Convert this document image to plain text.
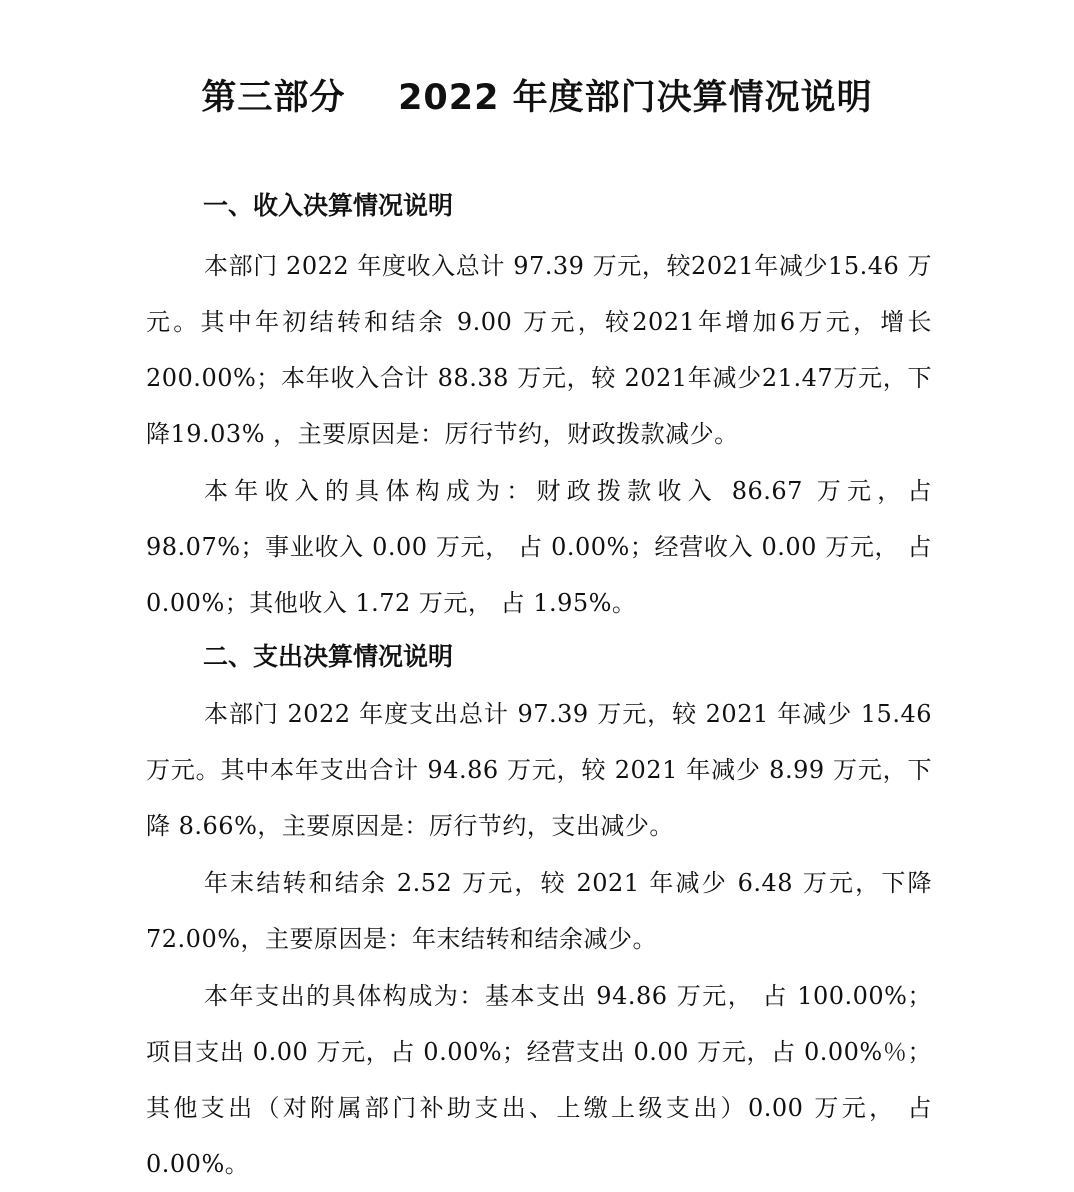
第三部分    2022 年度部门决算情况说明
一、收入决算情况说明

本部门 2022 年度收入总计 97.39 万元，较2021年减少15.46 万元。其中年初结转和结余 9.00 万元，较2021年增加6万元，增长200.00%；本年收入合计 88.38 万元，较 2021年减少21.47万元，下降19.03% ，主要原因是：厉行节约，财政拨款减少。

本年收入的具体构成为：财政拨款收入 86.67 万元，占 98.07%；事业收入 0.00 万元， 占 0.00%；经营收入 0.00 万元， 占 0.00%；其他收入 1.72 万元， 占 1.95%。

二、支出决算情况说明

本部门 2022 年度支出总计 97.39 万元，较 2021 年减少 15.46 万元。其中本年支出合计 94.86 万元，较 2021 年减少 8.99 万元，下降 8.66%，主要原因是：厉行节约，支出减少。

年末结转和结余 2.52 万元，较 2021 年减少 6.48 万元，下降 72.00%，主要原因是：年末结转和结余减少。

本年支出的具体构成为：基本支出 94.86 万元， 占 100.00%；项目支出 0.00 万元，占 0.00%；经营支出 0.00 万元，占 0.00%％；其他支出（对附属部门补助支出、上缴上级支出）0.00 万元， 占0.00%。
